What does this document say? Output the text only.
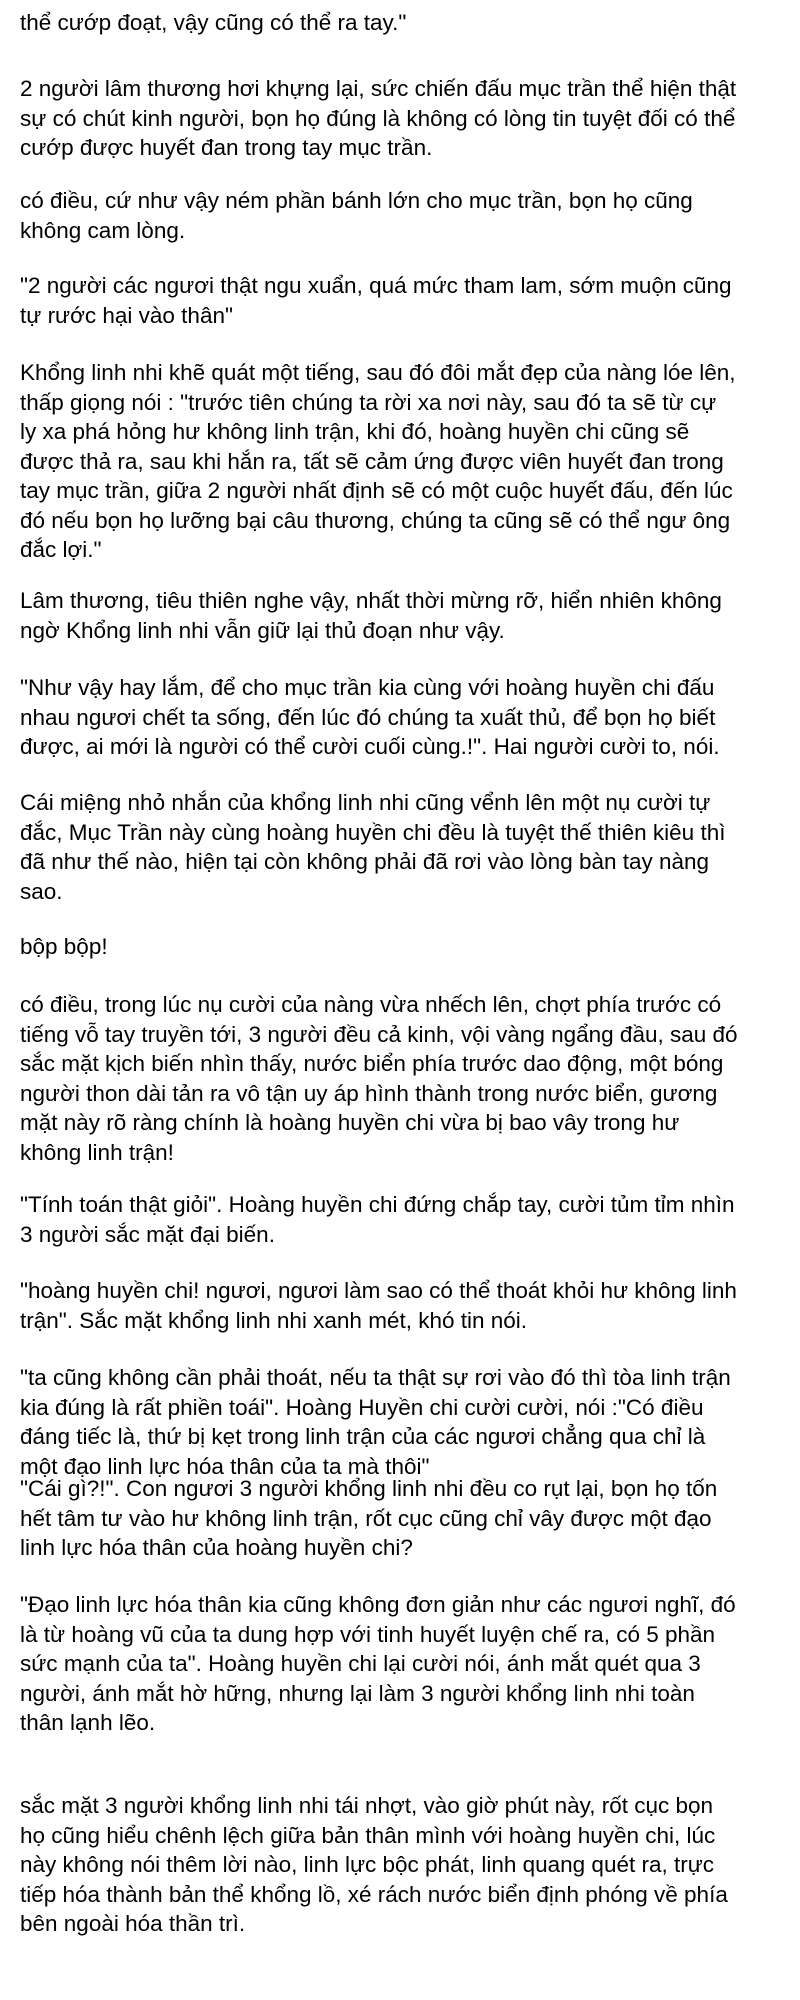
thể cướp đoạt, vậy cũng có thể ra tay."

2 người lâm thương hơi khựng lại, sức chiến đấu mục trần thể hiện thật
sự có chút kinh người, bọn họ đúng là không có lòng tin tuyệt đối có thể
cướp được huyết đan trong tay mục trần.

có điều, cứ như vậy ném phần bánh lớn cho mục trần, bọn họ cũng
không cam lòng.

"2 người các ngươi thật ngu xuẩn, quá mức tham lam, sớm muộn cũng
tự rước hại vào thân"

Khổng linh nhi khẽ quát một tiếng, sau đó đôi mắt đẹp của nàng lóe lên,
thấp giọng nói : "trước tiên chúng ta rời xa nơi này, sau đó ta sẽ từ cự
ly xa phá hỏng hư không linh trận, khi đó, hoàng huyền chi cũng sẽ
được thả ra, sau khi hắn ra, tất sẽ cảm ứng được viên huyết đan trong
tay mục trần, giữa 2 người nhất định sẽ có một cuộc huyết đấu, đến lúc
đó nếu bọn họ lưỡng bại câu thương, chúng ta cũng sẽ có thể ngư ông
đắc lợi."

Lâm thương, tiêu thiên nghe vậy, nhất thời mừng rỡ, hiển nhiên không
ngờ Khổng linh nhi vẫn giữ lại thủ đoạn như vậy.

"Như vậy hay lắm, để cho mục trần kia cùng với hoàng huyền chi đấu
nhau ngươi chết ta sống, đến lúc đó chúng ta xuất thủ, để bọn họ biết
được, ai mới là người có thể cười cuối cùng.!". Hai người cười to, nói.

Cái miệng nhỏ nhắn của khổng linh nhi cũng vểnh lên một nụ cười tự
đắc, Mục Trần này cùng hoàng huyền chi đều là tuyệt thế thiên kiêu thì
đã như thế nào, hiện tại còn không phải đã rơi vào lòng bàn tay nàng
sao.

bộp bộp!

có điều, trong lúc nụ cười của nàng vừa nhếch lên, chợt phía trước có
tiếng vỗ tay truyền tới, 3 người đều cả kinh, vội vàng ngẩng đầu, sau đó
sắc mặt kịch biến nhìn thấy, nước biển phía trước dao động, một bóng
người thon dài tản ra vô tận uy áp hình thành trong nước biển, gương
mặt này rõ ràng chính là hoàng huyền chi vừa bị bao vây trong hư
không linh trận!

"Tính toán thật giỏi". Hoàng huyền chi đứng chắp tay, cười tủm tỉm nhìn
3 người sắc mặt đại biến.

"hoàng huyền chi! ngươi, ngươi làm sao có thể thoát khỏi hư không linh
trận". Sắc mặt khổng linh nhi xanh mét, khó tin nói.

"ta cũng không cần phải thoát, nếu ta thật sự rơi vào đó thì tòa linh trận
kia đúng là rất phiền toái". Hoàng Huyền chi cười cười, nói :"Có điều
đáng tiếc là, thứ bị kẹt trong linh trận của các ngươi chẳng qua chỉ là
một đạo linh lực hóa thân của ta mà thôi"

"Cái gì?!". Con ngươi 3 người khổng linh nhi đều co rụt lại, bọn họ tốn
hết tâm tư vào hư không linh trận, rốt cục cũng chỉ vây được một đạo
linh lực hóa thân của hoàng huyền chi?

"Đạo linh lực hóa thân kia cũng không đơn giản như các ngươi nghĩ, đó
là từ hoàng vũ của ta dung hợp với tinh huyết luyện chế ra, có 5 phần
sức mạnh của ta". Hoàng huyền chi lại cười nói, ánh mắt quét qua 3
người, ánh mắt hờ hững, nhưng lại làm 3 người khổng linh nhi toàn
thân lạnh lẽo.

sắc mặt 3 người khổng linh nhi tái nhợt, vào giờ phút này, rốt cục bọn
họ cũng hiểu chênh lệch giữa bản thân mình với hoàng huyền chi, lúc
này không nói thêm lời nào, linh lực bộc phát, linh quang quét ra, trực
tiếp hóa thành bản thể khổng lồ, xé rách nước biển định phóng về phía
bên ngoài hóa thần trì.
